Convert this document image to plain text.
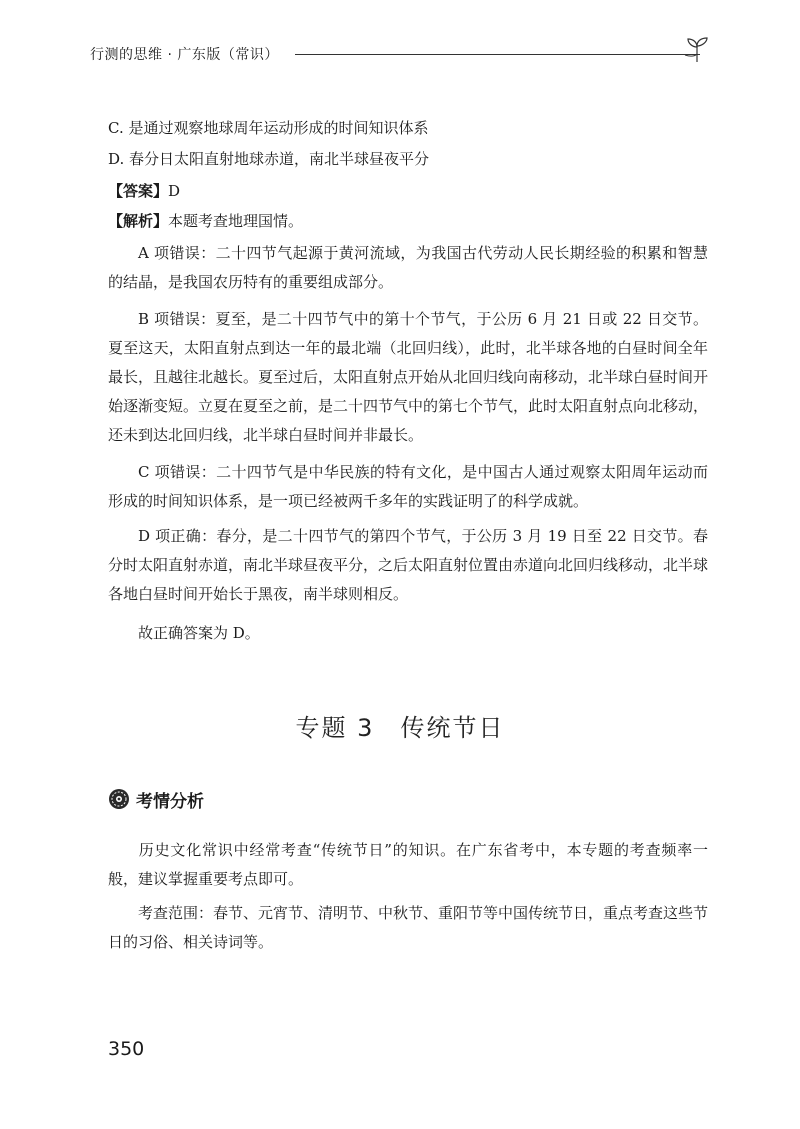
行测的思维 · 广东版（常识）
C. 是通过观察地球周年运动形成的时间知识体系
D. 春分日太阳直射地球赤道，南北半球昼夜平分
【答案】D
【解析】本题考查地理国情。
A 项错误：二十四节气起源于黄河流域，为我国古代劳动人民长期经验的积累和智慧的结晶，是我国农历特有的重要组成部分。
B 项错误：夏至，是二十四节气中的第十个节气，于公历 6 月 21 日或 22 日交节。夏至这天，太阳直射点到达一年的最北端（北回归线），此时，北半球各地的白昼时间全年最长，且越往北越长。夏至过后，太阳直射点开始从北回归线向南移动，北半球白昼时间开始逐渐变短。立夏在夏至之前，是二十四节气中的第七个节气，此时太阳直射点向北移动，还未到达北回归线，北半球白昼时间并非最长。
C 项错误：二十四节气是中华民族的特有文化，是中国古人通过观察太阳周年运动而形成的时间知识体系，是一项已经被两千多年的实践证明了的科学成就。
D 项正确：春分，是二十四节气的第四个节气，于公历 3 月 19 日至 22 日交节。春分时太阳直射赤道，南北半球昼夜平分，之后太阳直射位置由赤道向北回归线移动，北半球各地白昼时间开始长于黑夜，南半球则相反。
故正确答案为 D。
专题 3　传统节日
考情分析
历史文化常识中经常考查“传统节日”的知识。在广东省考中，本专题的考查频率一般，建议掌握重要考点即可。
考查范围：春节、元宵节、清明节、中秋节、重阳节等中国传统节日，重点考查这些节日的习俗、相关诗词等。
350
